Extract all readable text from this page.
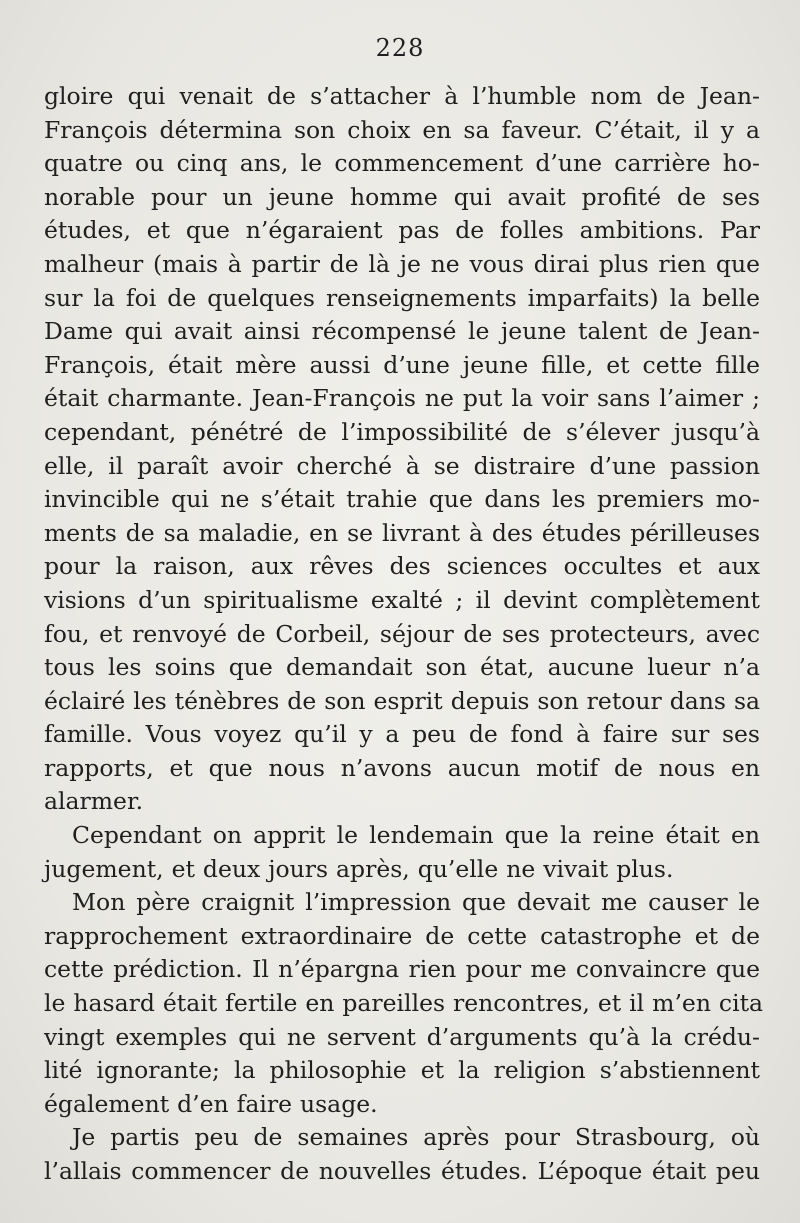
228
gloire qui venait de s’attacher à l’humble nom de Jean-
François détermina son choix en sa faveur. C’était, il y a
quatre ou cinq ans, le commencement d’une carrière ho-
norable pour un jeune homme qui avait profité de ses
études, et que n’égaraient pas de folles ambitions. Par
malheur (mais à partir de là je ne vous dirai plus rien que
sur la foi de quelques renseignements imparfaits) la belle
Dame qui avait ainsi récompensé le jeune talent de Jean-
François, était mère aussi d’une jeune fille, et cette fille
était charmante. Jean-François ne put la voir sans l’aimer ;
cependant, pénétré de l’impossibilité de s’élever jusqu’à
elle, il paraît avoir cherché à se distraire d’une passion
invincible qui ne s’était trahie que dans les premiers mo-
ments de sa maladie, en se livrant à des études périlleuses
pour la raison, aux rêves des sciences occultes et aux
visions d’un spiritualisme exalté ; il devint complètement
fou, et renvoyé de Corbeil, séjour de ses protecteurs, avec
tous les soins que demandait son état, aucune lueur n’a
éclairé les ténèbres de son esprit depuis son retour dans sa
famille. Vous voyez qu’il y a peu de fond à faire sur ses
rapports, et que nous n’avons aucun motif de nous en
alarmer.
Cependant on apprit le lendemain que la reine était en
jugement, et deux jours après, qu’elle ne vivait plus.
Mon père craignit l’impression que devait me causer le
rapprochement extraordinaire de cette catastrophe et de
cette prédiction. Il n’épargna rien pour me convaincre que
le hasard était fertile en pareilles rencontres, et il m’en cita
vingt exemples qui ne servent d’arguments qu’à la crédu-
lité ignorante; la philosophie et la religion s’abstiennent
également d’en faire usage.
Je partis peu de semaines après pour Strasbourg, où
l’allais commencer de nouvelles études. L’époque était peu
